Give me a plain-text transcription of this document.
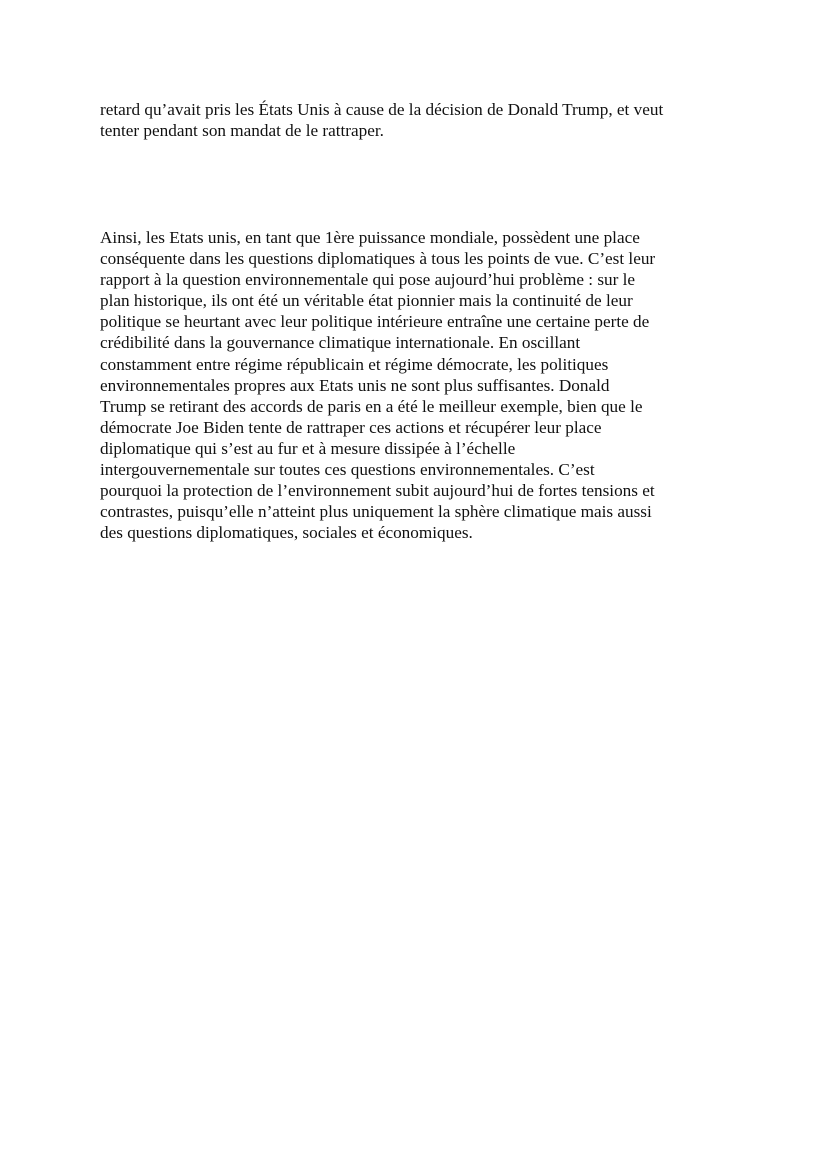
retard qu’avait pris les États Unis à cause de la décision de Donald Trump, et veut
tenter pendant son mandat de le rattraper.

Ainsi, les Etats unis, en tant que 1ère puissance mondiale, possèdent une place
conséquente dans les questions diplomatiques à tous les points de vue. C’est leur
rapport à la question environnementale qui pose aujourd’hui problème : sur le
plan historique, ils ont été un véritable état pionnier mais la continuité de leur
politique se heurtant avec leur politique intérieure entraîne une certaine perte de
crédibilité dans la gouvernance climatique internationale. En oscillant
constamment entre régime républicain et régime démocrate, les politiques
environnementales propres aux Etats unis ne sont plus suffisantes. Donald
Trump se retirant des accords de paris en a été le meilleur exemple, bien que le
démocrate Joe Biden tente de rattraper ces actions et récupérer leur place
diplomatique qui s’est au fur et à mesure dissipée à l’échelle
intergouvernementale sur toutes ces questions environnementales. C’est
pourquoi la protection de l’environnement subit aujourd’hui de fortes tensions et
contrastes, puisqu’elle n’atteint plus uniquement la sphère climatique mais aussi
des questions diplomatiques, sociales et économiques.
